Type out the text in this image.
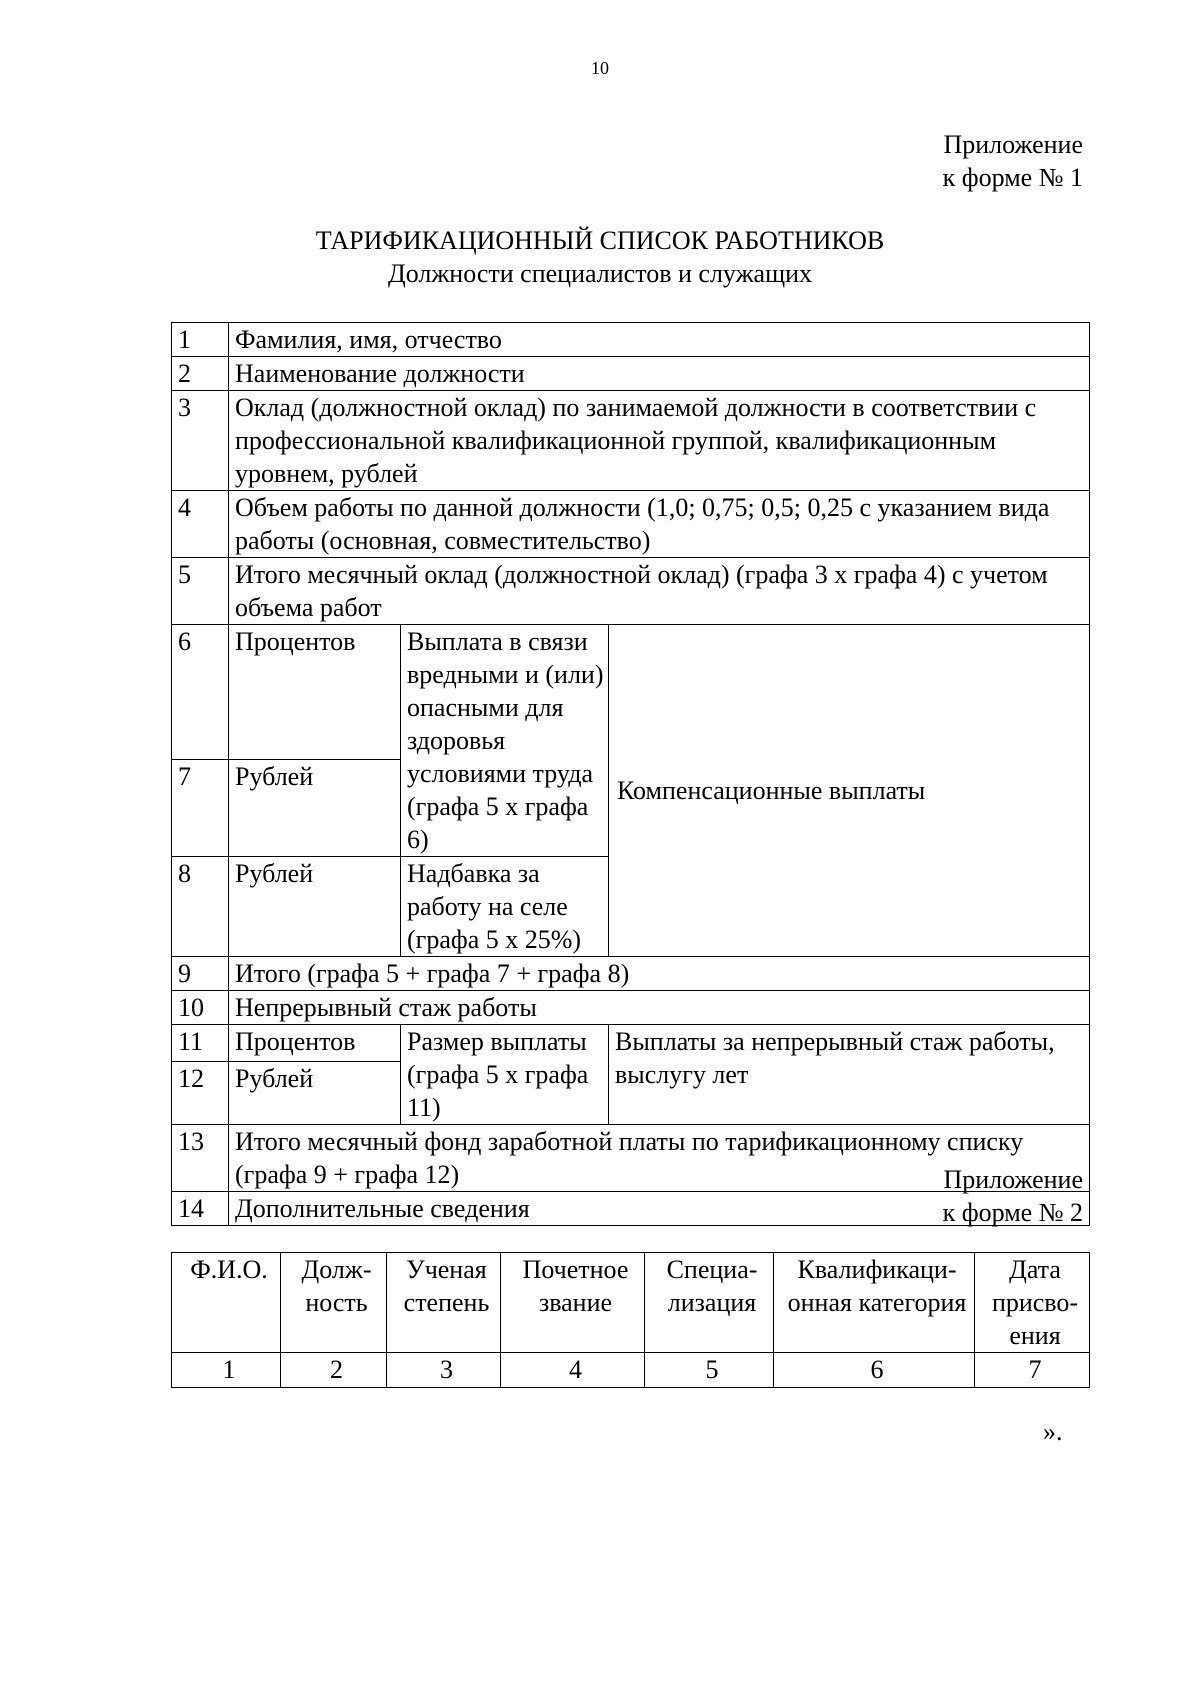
10
Приложение
к форме № 1
ТАРИФИКАЦИОННЫЙ СПИСОК РАБОТНИКОВ
Должности специалистов и служащих
1	Фамилия, имя, отчество		
2	Наименование должности		
3	Оклад (должностной оклад) по занимаемой должности в соответствии с профессиональной квалификационной группой, квалификационным уровнем, рублей		
4	Объем работы по данной должности (1,0; 0,75; 0,5; 0,25 с указанием вида работы (основная, совместительство)		
5	Итого месячный оклад (должностной оклад) (графа 3 х графа 4) с учетом объема работ		
6	Процентов	Выплата в связи вредными и (или) опасными для здоровья условиями труда (графа 5 х графа 6)	Компенсационные выплаты
7	Рублей		
8	Рублей	Надбавка за работу на селе (графа 5 х 25%)	
9	Итого (графа 5 + графа 7 + графа 8)		
10	Непрерывный стаж работы		
11	Процентов	Размер выплаты (графа 5 х графа 11)	Выплаты за непрерывный стаж работы, выслугу лет
12	Рублей		
13	Итого месячный фонд заработной платы по тарификационному списку (графа 9 + графа 12)		
14	Дополнительные сведения		
Приложение
к форме № 2
Ф.И.О.	Долж-ность	Ученая степень	Почетное звание	Специа-лизация	Квалификаци-онная категория	Дата присво-ения
1	2	3	4	5	6	7
».
